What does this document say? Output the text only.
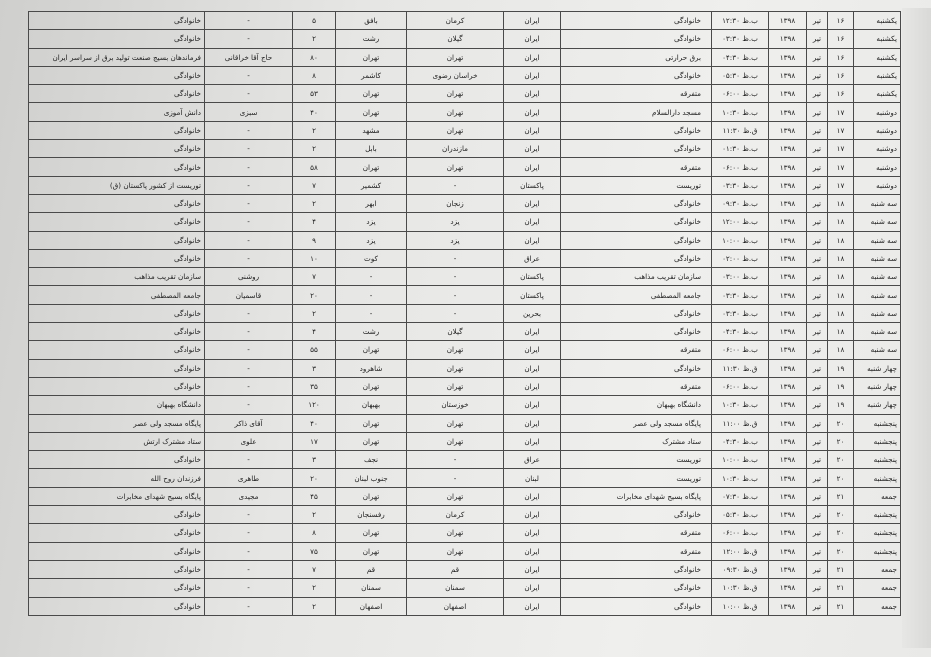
یکشنبه	۱۶	تیر	۱۳۹۸	ب.ظ ۱۲:۳۰	خانوادگی	ایران	کرمان	بافق	۵	-	خانوادگی
یکشنبه	۱۶	تیر	۱۳۹۸	ب.ظ ۰۳:۳۰	خانوادگی	ایران	گیلان	رشت	۲	-	خانوادگی
یکشنبه	۱۶	تیر	۱۳۹۸	ب.ظ ۰۴:۳۰	برق حرارتی	ایران	تهران	تهران	۸۰	حاج آقا خراقانی	فرماندهان بسیج صنعت تولید برق از سراسر ایران
یکشنبه	۱۶	تیر	۱۳۹۸	ب.ظ ۰۵:۳۰	خانوادگی	ایران	خراسان رضوی	کاشمر	۸	-	خانوادگی
یکشنبه	۱۶	تیر	۱۳۹۸	ب.ظ ۰۶:۰۰	متفرقه	ایران	تهران	تهران	۵۳	-	خانوادگی
دوشنبه	۱۷	تیر	۱۳۹۸	ب.ظ ۱۰:۳۰	مسجد دارالسلام	ایران	تهران	تهران	۴۰	سبزی	دانش آموزی
دوشنبه	۱۷	تیر	۱۳۹۸	ق.ظ ۱۱:۳۰	خانوادگی	ایران	تهران	مشهد	۲	-	خانوادگی
دوشنبه	۱۷	تیر	۱۳۹۸	ب.ظ ۰۱:۳۰	خانوادگی	ایران	مازندران	بابل	۲	-	خانوادگی
دوشنبه	۱۷	تیر	۱۳۹۸	ب.ظ ۰۶:۰۰	متفرقه	ایران	تهران	تهران	۵۸	-	خانوادگی
دوشنبه	۱۷	تیر	۱۳۹۸	ب.ظ ۰۳:۳۰	توریست	پاکستان	-	کشمیر	۷	-	توریست از کشور پاکستان (ق)
سه شنبه	۱۸	تیر	۱۳۹۸	ب.ظ ۰۹:۳۰	خانوادگی	ایران	زنجان	ابهر	۲	-	خانوادگی
سه شنبه	۱۸	تیر	۱۳۹۸	ب.ظ ۱۲:۰۰	خانوادگی	ایران	یزد	یزد	۴	-	خانوادگی
سه شنبه	۱۸	تیر	۱۳۹۸	ب.ظ ۱۰:۰۰	خانوادگی	ایران	یزد	یزد	۹	-	خانوادگی
سه شنبه	۱۸	تیر	۱۳۹۸	ب.ظ ۰۲:۰۰	خانوادگی	عراق	-	کوت	۱۰	-	خانوادگی
سه شنبه	۱۸	تیر	۱۳۹۸	ب.ظ ۰۳:۰۰	سازمان تقریب مذاهب	پاکستان	-	-	۷	روشنی	سازمان تقریب مذاهب
سه شنبه	۱۸	تیر	۱۳۹۸	ب.ظ ۰۳:۳۰	جامعه المصطفی	پاکستان	-	-	۲۰	قاسمیان	جامعه المصطفی
سه شنبه	۱۸	تیر	۱۳۹۸	ب.ظ ۰۳:۳۰	خانوادگی	بحرین	-	-	۲	-	خانوادگی
سه شنبه	۱۸	تیر	۱۳۹۸	ب.ظ ۰۴:۳۰	خانوادگی	ایران	گیلان	رشت	۴	-	خانوادگی
سه شنبه	۱۸	تیر	۱۳۹۸	ب.ظ ۰۶:۰۰	متفرقه	ایران	تهران	تهران	۵۵	-	خانوادگی
چهار شنبه	۱۹	تیر	۱۳۹۸	ق.ظ ۱۱:۳۰	خانوادگی	ایران	تهران	شاهرود	۳	-	خانوادگی
چهار شنبه	۱۹	تیر	۱۳۹۸	ب.ظ ۰۶:۰۰	متفرقه	ایران	تهران	تهران	۳۵	-	خانوادگی
چهار شنبه	۱۹	تیر	۱۳۹۸	ب.ظ ۱۰:۳۰	دانشگاه بهبهان	ایران	خوزستان	بهبهان	۱۲۰	-	دانشگاه بهبهان
پنجشنبه	۲۰	تیر	۱۳۹۸	ق.ظ ۱۱:۰۰	پایگاه مسجد ولی عصر	ایران	تهران	تهران	۴۰	آقای ذاکر	پایگاه مسجد ولی عصر
پنجشنبه	۲۰	تیر	۱۳۹۸	ب.ظ ۰۴:۳۰	ستاد مشترک	ایران	تهران	تهران	۱۷	علوی	ستاد مشترک ارتش
پنجشنبه	۲۰	تیر	۱۳۹۸	ب.ظ ۱۰:۰۰	توریست	عراق	-	نجف	۳	-	خانوادگی
پنجشنبه	۲۰	تیر	۱۳۹۸	ب.ظ ۱۰:۳۰	توریست	لبنان	-	جنوب لبنان	۲۰	طاهری	فرزندان روح الله
جمعه	۲۱	تیر	۱۳۹۸	ب.ظ ۰۷:۳۰	پایگاه بسیج شهدای مخابرات	ایران	تهران	تهران	۴۵	مجیدی	پایگاه بسیج شهدای مخابرات
پنجشنبه	۲۰	تیر	۱۳۹۸	ب.ظ ۰۵:۳۰	خانوادگی	ایران	کرمان	رفسنجان	۲	-	خانوادگی
پنجشنبه	۲۰	تیر	۱۳۹۸	ب.ظ ۰۶:۰۰	متفرقه	ایران	تهران	تهران	۸	-	خانوادگی
پنجشنبه	۲۰	تیر	۱۳۹۸	ق.ظ ۱۲:۰۰	متفرقه	ایران	تهران	تهران	۷۵	-	خانوادگی
جمعه	۲۱	تیر	۱۳۹۸	ق.ظ ۰۹:۳۰	خانوادگی	ایران	قم	قم	۷	-	خانوادگی
جمعه	۲۱	تیر	۱۳۹۸	ق.ظ ۱۰:۳۰	خانوادگی	ایران	سمنان	سمنان	۲	-	خانوادگی
جمعه	۲۱	تیر	۱۳۹۸	ق.ظ ۱۰:۰۰	خانوادگی	ایران	اصفهان	اصفهان	۲	-	خانوادگی
